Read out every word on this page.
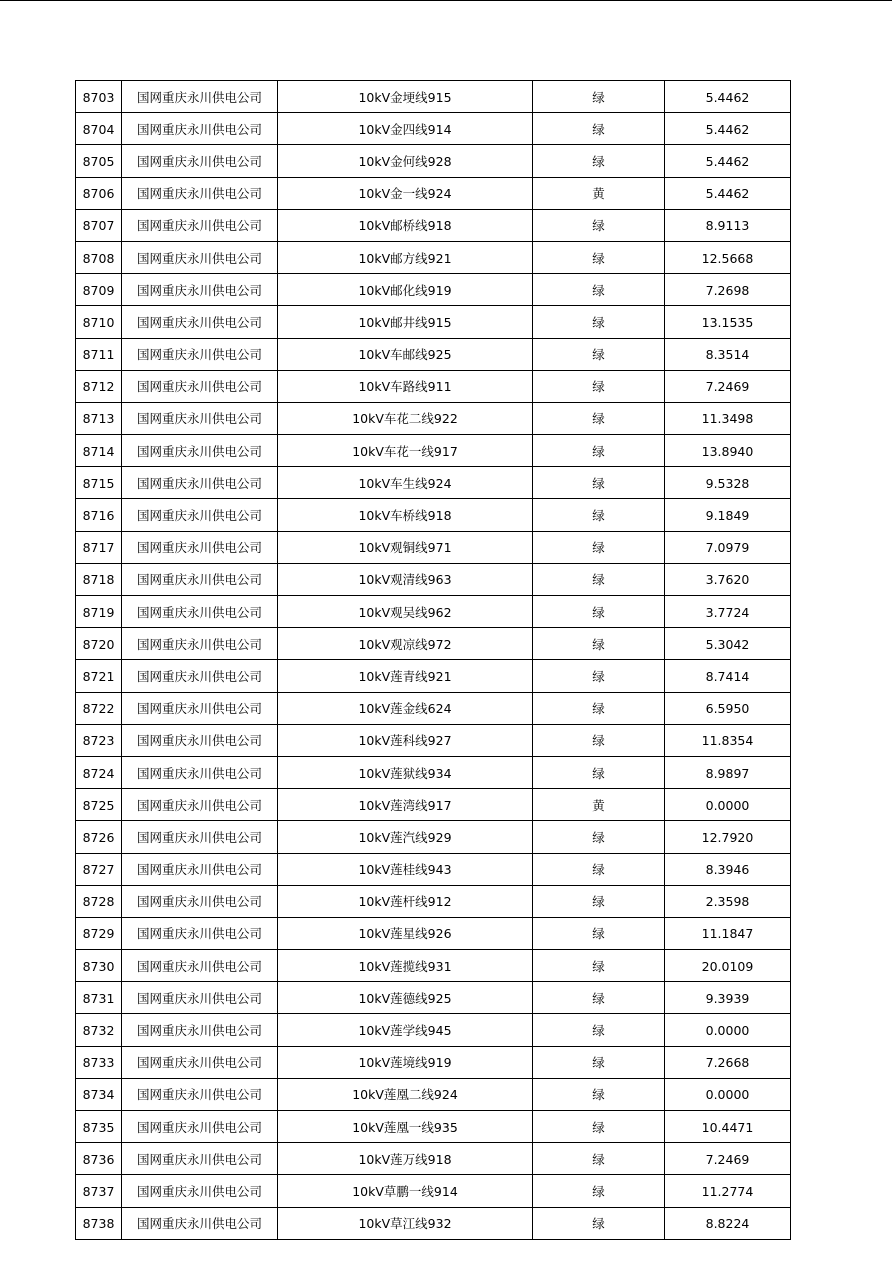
8703	国网重庆永川供电公司	10kV金埂线915	绿	5.4462
8704	国网重庆永川供电公司	10kV金四线914	绿	5.4462
8705	国网重庆永川供电公司	10kV金何线928	绿	5.4462
8706	国网重庆永川供电公司	10kV金一线924	黄	5.4462
8707	国网重庆永川供电公司	10kV邮桥线918	绿	8.9113
8708	国网重庆永川供电公司	10kV邮方线921	绿	12.5668
8709	国网重庆永川供电公司	10kV邮化线919	绿	7.2698
8710	国网重庆永川供电公司	10kV邮井线915	绿	13.1535
8711	国网重庆永川供电公司	10kV车邮线925	绿	8.3514
8712	国网重庆永川供电公司	10kV车路线911	绿	7.2469
8713	国网重庆永川供电公司	10kV车花二线922	绿	11.3498
8714	国网重庆永川供电公司	10kV车花一线917	绿	13.8940
8715	国网重庆永川供电公司	10kV车生线924	绿	9.5328
8716	国网重庆永川供电公司	10kV车桥线918	绿	9.1849
8717	国网重庆永川供电公司	10kV观铜线971	绿	7.0979
8718	国网重庆永川供电公司	10kV观清线963	绿	3.7620
8719	国网重庆永川供电公司	10kV观吴线962	绿	3.7724
8720	国网重庆永川供电公司	10kV观凉线972	绿	5.3042
8721	国网重庆永川供电公司	10kV莲青线921	绿	8.7414
8722	国网重庆永川供电公司	10kV莲金线624	绿	6.5950
8723	国网重庆永川供电公司	10kV莲科线927	绿	11.8354
8724	国网重庆永川供电公司	10kV莲狱线934	绿	8.9897
8725	国网重庆永川供电公司	10kV莲湾线917	黄	0.0000
8726	国网重庆永川供电公司	10kV莲汽线929	绿	12.7920
8727	国网重庆永川供电公司	10kV莲桂线943	绿	8.3946
8728	国网重庆永川供电公司	10kV莲杆线912	绿	2.3598
8729	国网重庆永川供电公司	10kV莲星线926	绿	11.1847
8730	国网重庆永川供电公司	10kV莲揽线931	绿	20.0109
8731	国网重庆永川供电公司	10kV莲德线925	绿	9.3939
8732	国网重庆永川供电公司	10kV莲学线945	绿	0.0000
8733	国网重庆永川供电公司	10kV莲境线919	绿	7.2668
8734	国网重庆永川供电公司	10kV莲凰二线924	绿	0.0000
8735	国网重庆永川供电公司	10kV莲凰一线935	绿	10.4471
8736	国网重庆永川供电公司	10kV莲万线918	绿	7.2469
8737	国网重庆永川供电公司	10kV草鹏一线914	绿	11.2774
8738	国网重庆永川供电公司	10kV草江线932	绿	8.8224
